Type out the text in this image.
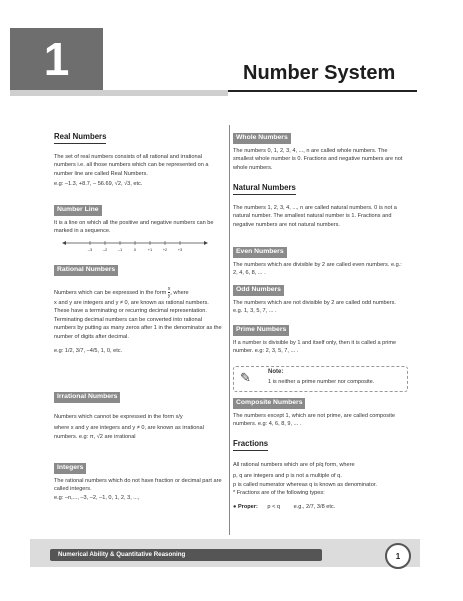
1	Number System
Real Numbers

The set of real numbers consists of all rational and irrational numbers i.e. all those numbers which can be represented on a number line are called Real Numbers.

e.g: –1.3, +8.7, – 56.69, √2, √3, etc.

Number Line

It is a line on which all the positive and negative numbers can be marked in a sequence.

–3	–2	–1	0	+1	+2	+3
Rational Numbers

Numbers which can be expressed in the form $\frac{x}{y}$ , where

x and y are integers and y ≠ 0, are known as rational numbers. These have a terminating or recurring decimal representation. Terminating decimal numbers can be converted into rational numbers by putting as many zeros after 1 in the denominator as the number of digits after decimal.

e.g: 1/2, 3/7, –4/5, 1, 0, etc.

Irrational Numbers

Numbers which cannot be expressed in the form x/y

where x and y are integers and y ≠ 0, are known as irrational numbers. e.g: π, √2 are irrational

Integers

The rational numbers which do not have fraction or decimal part are called integers.

e.g: –n,..., –3, –2, –1, 0, 1, 2, 3, ...,

Whole Numbers

The numbers 0, 1, 2, 3, 4, ..., n are called whole numbers. The smallest whole number is 0. Fractions and negative numbers are not whole numbers.

Natural Numbers

The numbers 1, 2, 3, 4, ..., n are called natural numbers. 0 is not a natural number. The smallest natural number is 1. Fractions and negative numbers are not natural numbers.

Even Numbers

The numbers which are divisible by 2 are called even numbers. e.g.: 2, 4, 6, 8, ... .

Odd Numbers

The numbers which are not divisible by 2 are called odd numbers. e.g. 1, 3, 5, 7, ... .

Prime Numbers

If a number is divisible by 1 and itself only, then it is called a prime number. e.g: 2, 3, 5, 7, ... .

✎	Note:
1 is neither a prime number nor composite.
Composite Numbers

The numbers except 1, which are not prime, are called composite numbers. e.g: 4, 6, 8, 9, ... .

Fractions

All rational numbers which are of p/q form, where

p, q are integers and p is not a multiple of q.

p is called numerator whereas q is known as denominator.

* Fractions are of the following types:

● Proper: p < q e.g., 2/7, 3/8 etc.

Numerical Ability & Quantitative Reasoning	1
